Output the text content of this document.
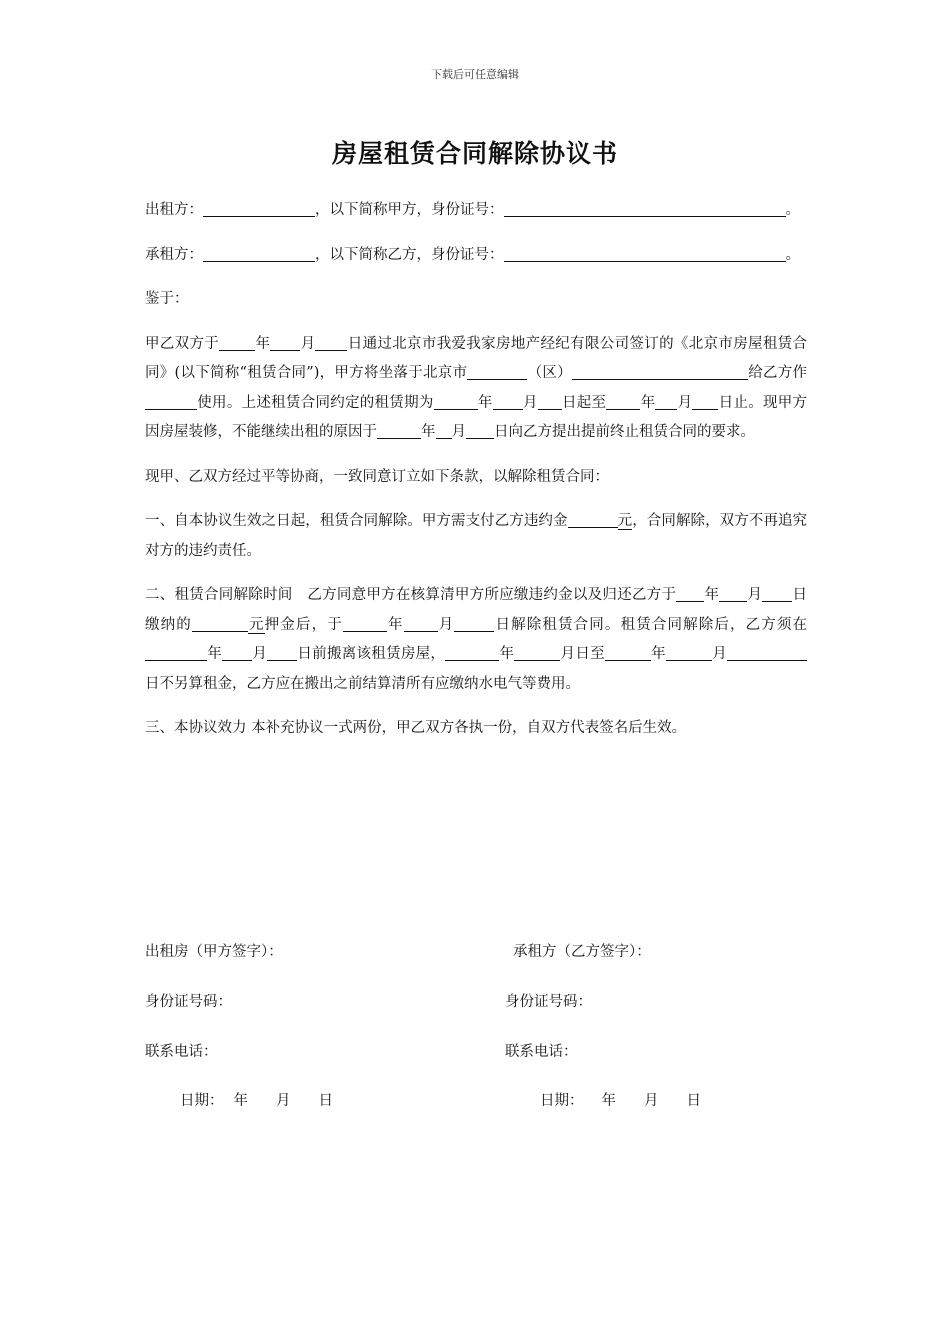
下载后可任意编辑
房屋租赁合同解除协议书

出租方：	，以下简称甲方，身份证号：	。

承租方：	，以下简称乙方，身份证号：	。

鉴于：

甲乙双方于 年 月 日通过北京市我爱我家房地产经纪有限公司签订的《北京市房屋租赁合同》(以下简称“租赁合同”)，甲方将坐落于北京市	（区）	给乙方作使用。上述租赁合同约定的租赁期为	年 月 日起至 年 月 日止。现甲方因房屋装修，不能继续出租的原因于	年 月 日向乙方提出提前终止租赁合同的要求。

现甲、乙双方经过平等协商，一致同意订立如下条款，以解除租赁合同：

一、自本协议生效之日起，租赁合同解除。甲方需支付乙方违约金	元，合同解除，双方不再追究对方的违约责任。

二、租赁合同解除时间　乙方同意甲方在核算清甲方所应缴违约金以及归还乙方于 年 月 日缴纳的	元押金后，于	年 月	日解除租赁合同。租赁合同解除后，乙方须在年 月 日前搬离该租赁房屋，	年	月日至	年	月日不另算租金，乙方应在搬出之前结算清所有应缴纳水电气等费用。

三、本协议效力 本补充协议一式两份，甲乙双方各执一份，自双方代表签名后生效。

出租房（甲方签字）：	承租方（乙方签字）：
身份证号码：	身份证号码：
联系电话：	联系电话：
日期： 年 月 日	日期： 年 月 日
